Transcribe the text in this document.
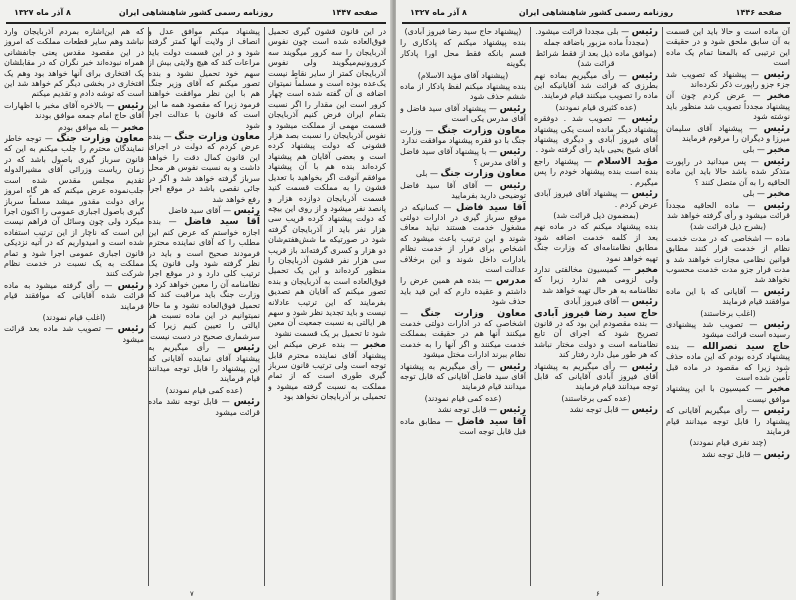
صفحه ۱۴۴۷
روزنامه رسمی کشور شاهنشاهی ایران
۸ آذر ماه ۱۳۲۷

در این قانون قشون گیری تحمیل فوق‌العاده شده است چون نفوس آذربایجان را سه کرور میگویند سه کرور‌ونیم‌میگویند ولی نفوس آذربایجان کمتر از سایر نقاط نیست یک‌عده بوده است و مسلماً نمیتوان اضافه ی آن گفته شده است چهار کرور است این مقدار را اگر نسبت بتمام ایران فرض کنیم آذربایجان قسمت مهمی از مملکت میشود و نفوس آذربایجان را نسبت بصد هزار قشونی که دولت پیشنهاد کرده است و بعضی آقایان هم پیشنهاد کرده‌اند بنده هم با آن پیشنهاد موافقم آنوقت اگر بخواهید با تعدیل قشون را به مملکت قسمت کنید قسمت آذربایجان دوازده هزار و پانصد نفر میشود و از روی این بیچه که دولت پیشنهاد کرده قریب سی هزار نفر باید از آذربایجان گرفته شود در صورتیکه ما شش‌هفتم‌شان دو هزار و کسری گرفته‌اند باز قریب سی هزار نفر قشون آذربایجان را منظور کرده‌اند و این یک تحمیل فوق‌العاده است به آذربایجان و بنده تصور میکنم که آقایان هم تصدیق بفرمایند که این ترتیب عادلانه نیست و باید تجدید نظر شود و سهم هر ایالتی به نسبت جمعیت آن معین شود تا تحمیل بر یک قسمت نشود

مخبر — بنده عرض میکنم این پیشنهاد آقای نماینده محترم قابل توجه است ولی ترتیب قانون سرباز گیری طوری است که از تمام مملکت به نسبت گرفته میشود و تحمیلی بر آذربایجان نخواهد بود

پیشنهاد میکنم موافق عدل و انصاف از ولایت آنها کمتر گرفته شود و در این قسمت دولت باید مراعات کند که هیچ ولایتی بیش از سهم خود تحمیل نشود و بنده تصور میکنم که آقای وزیر جنگ هم با این نظر موافقت خواهند فرمود زیرا که مقصود همه ما این است که قانون با عدالت اجرا شود

معاون وزارت جنگ — بنده عرض کردم که دولت در اجرای این قانون کمال دقت را خواهد داشت و به نسبت نفوس هر محل سرباز گرفته خواهد شد و اگر در جائی نقصی باشد در موقع اجرا رفع خواهد شد

رئیس — آقای سید فاضل

آقا سید فاضل — بنده اجازه خواستم که عرض کنم این مطلب را که آقای نماینده محترم فرمودند صحیح است و باید در نظر گرفته شود ولی قانون یک ترتیب کلی دارد و در موقع اجرا نظامنامه آن را معین خواهد کرد و وزارت جنگ باید مراقبت کند که تحمیل فوق‌العاده نشود و ما حالا نمیتوانیم در این ماده نسبت هر ایالتی را تعیین کنیم زیرا که سرشماری صحیح در دست نیست

رئیس — رأی میگیریم به پیشنهاد آقای نماینده آقایانی که این پیشنهاد را قابل توجه میدانند قیام فرمایند

(عده کمی قیام نمودند)

رئیس — قابل توجه نشد ماده قرائت میشود

که هم این‌اشاره بمردم آذربایجان وارد نباشد وهم سایر قطعات مملکت که امروز در این مقصود مقدس یعنی جانفشانی همراه نبوده‌اند خبر نگران که در مقابلشان یک افتخاری برای آنها خواهد بود وهم یک افتخاری در بخشی دیگر کم خواهد شد این است که توشه دادم و تقدیم میکنم

رئیس — بالاخره آقای مخبر با اظهارات آقای حاج امام جمعه موافق بودند

مخبر — بله موافق بودم

معاون وزارت جنگ — توجه خاطر نمایندگان محترم را جلب میکنم به این که قانون سرباز گیری باصول باشد که در زمان ریاست وزرائی آقای مشیرالدوله تقدیم مجلس مقدس شده است جلب‌نموده عرض میکنم که هر گاه امروز برای دولت مقدور میشد مسلماً سرباز گیری باصول اجباری عمومی را اکنون اجرا میکرد ولی چون وسائل آن فراهم نیست این است که ناچار از این ترتیب استفاده شده است و امیدواریم که در آتیه نزدیکی قانون اجباری عمومی اجرا شود و تمام مملکت به یک نسبت در خدمت نظام شرکت کنند

رئیس — رأی گرفته میشود به ماده قرائت شده آقایانی که موافقند قیام فرمایند

(اغلب قیام نمودند)

رئیس — تصویب شد ماده بعد قرائت میشود

۷
صفحه ۱۴۴۶
روزنامه رسمی کشور شاهنشاهی ایران
۸ آذر ماه ۱۳۲۷

آن ماده است و حالا باید این قسمت به آن سابق ملحق شود و در حقیقت این ترتیبی که بالمعنا تمام یک ماده است

رئیس — پیشنهاد که تصویب شد جزء جزو راپورت ذکر نکرده‌اند

مخبر — عرض کردم چون آن پیشنهاد مجدداً تصویب شد منظور باید نوشته شود

رئیس — پیشنهاد آقای سلیمان میرزا و دیگران را مرقوم فرمایند

مخبر — بلی

رئیس — پس میدانید در راپورت متذکر شده باشد حالا باید این ماده الحاقیه را به آن متصل کنند ؟

مخبر — بلی

رئیس — ماده الحاقیه مجدداً قرائت میشود و رأی گرفته خواهد شد

(بشرح ذیل قرائت شد)

ماده — اشخاصی که در مدت خدمت نظام از خدمت فرار کنند مطابق قوانین نظامی مجازات خواهند شد و مدت فرار جزو مدت خدمت محسوب نخواهد شد

رئیس — آقایانی که با این ماده موافقند قیام فرمایند

(اغلب برخاستند)

رئیس — تصویب شد پیشنهادی رسیده است قرائت میشود

حاج سید نصرالله — بنده پیشنهاد کرده بودم که این ماده حذف شود زیرا که مقصود در ماده قبل تأمین شده است

مخبر — کمیسیون با این پیشنهاد موافق نیست

رئیس — رأی میگیریم آقایانی که پیشنهاد را قابل توجه میدانند قیام فرمایند

(چند نفری قیام نمودند)

رئیس — قابل توجه نشد

رئیس — بلی مجدداً قرائت میشود.

(مجدداً ماده مزبور باضافه جمله (موافق ماده ذیل بعد از فقط شرائط قرائت شد)

رئیس — رأی میگیریم بماده نهم بطرزی که قرائت شد آقایانیکه این ماده را تصویب میکنند قیام فرمایند.

(عده کثیری قیام نمودند)

رئیس — تصویب شد . دوفقره پیشنهاد دیگر مانده است یکی پیشنهاد آقای فیروز آبادی و دیگری پیشنهاد آقای شیخ یحیی باید رأی گرفته شود .

مؤید الاسلام — پیشنهاد راجع بنده است بنده پیشنهاد خودم را پس میگیرم .

رئیس — پیشنهاد آقای فیروز آبادی عرض کردم .

(بمضمون ذیل قرائت شد)

بنده پیشنهاد میکنم که در ماده نهم بعد از کلمه خدمت اضافه شود مطابق نظامنامه‌ای که وزارت جنگ تهیه خواهد نمود

مخبر — کمیسیون مخالفتی ندارد ولی لزومی هم ندارد زیرا که نظامنامه به هر حال تهیه خواهد شد

رئیس — آقای فیروز آبادی

حاج سید رضا فیروز آبادی — بنده مقصودم این بود که در قانون تصریح شود که اجرای آن تابع نظامنامه است و دولت مختار نباشد که هر طور میل دارد رفتار کند

رئیس — رأی میگیریم به پیشنهاد آقای فیروز آبادی آقایانی که قابل توجه میدانند قیام فرمایند

(عده کمی برخاستند)

رئیس — قابل توجه نشد

(پیشنهاد حاج سید رضا فیروز آبادی)

بنده پیشنهاد میکنم که پادکاری را قسم بانکه فقط محل اورا پادکار بگوینه

(پیشنهاد آقای مؤید الاسلام)

بنده پیشنهاد میکنم لفظ پادکار از ماده ششم حذف شود

رئیس — پیشنهاد آقای سید فاضل و آقای مدرس یکی است

معاون وزارت جنگ — وزارت جنگ با دو فقره پیشنهاد موافقت ندارد

رئیس — با پیشنهاد آقای سید فاضل و آقای مدرس ؟

معاون وزارت جنگ — بلی

رئیس — آقای آقا سید فاضل توضیحی دارید بفرمایید

آقا سید فاضل — کسانیکه در موقع سرباز گیری در ادارات دولتی مشغول خدمت هستند نباید معاف شوند و این ترتیب باعث میشود که اشخاص برای فرار از خدمت نظام بادارات داخل شوند و این برخلاف عدالت است

مدرس — بنده هم همین عرض را داشتم و عقیده دارم که این قید باید حذف شود

معاون وزارت جنگ — اشخاصی که در ادارات دولتی خدمت میکنند آنها هم در حقیقت بمملکت خدمت میکنند و اگر آنها را به خدمت نظام ببرند ادارات مختل میشود

رئیس — رأی میگیریم به پیشنهاد آقای سید فاضل آقایانی که قابل توجه میدانند قیام فرمایند

(عده کمی قیام نمودند)

رئیس — قابل توجه نشد

آقا سید فاضل — مطابق ماده قبل قابل توجه است

۶
